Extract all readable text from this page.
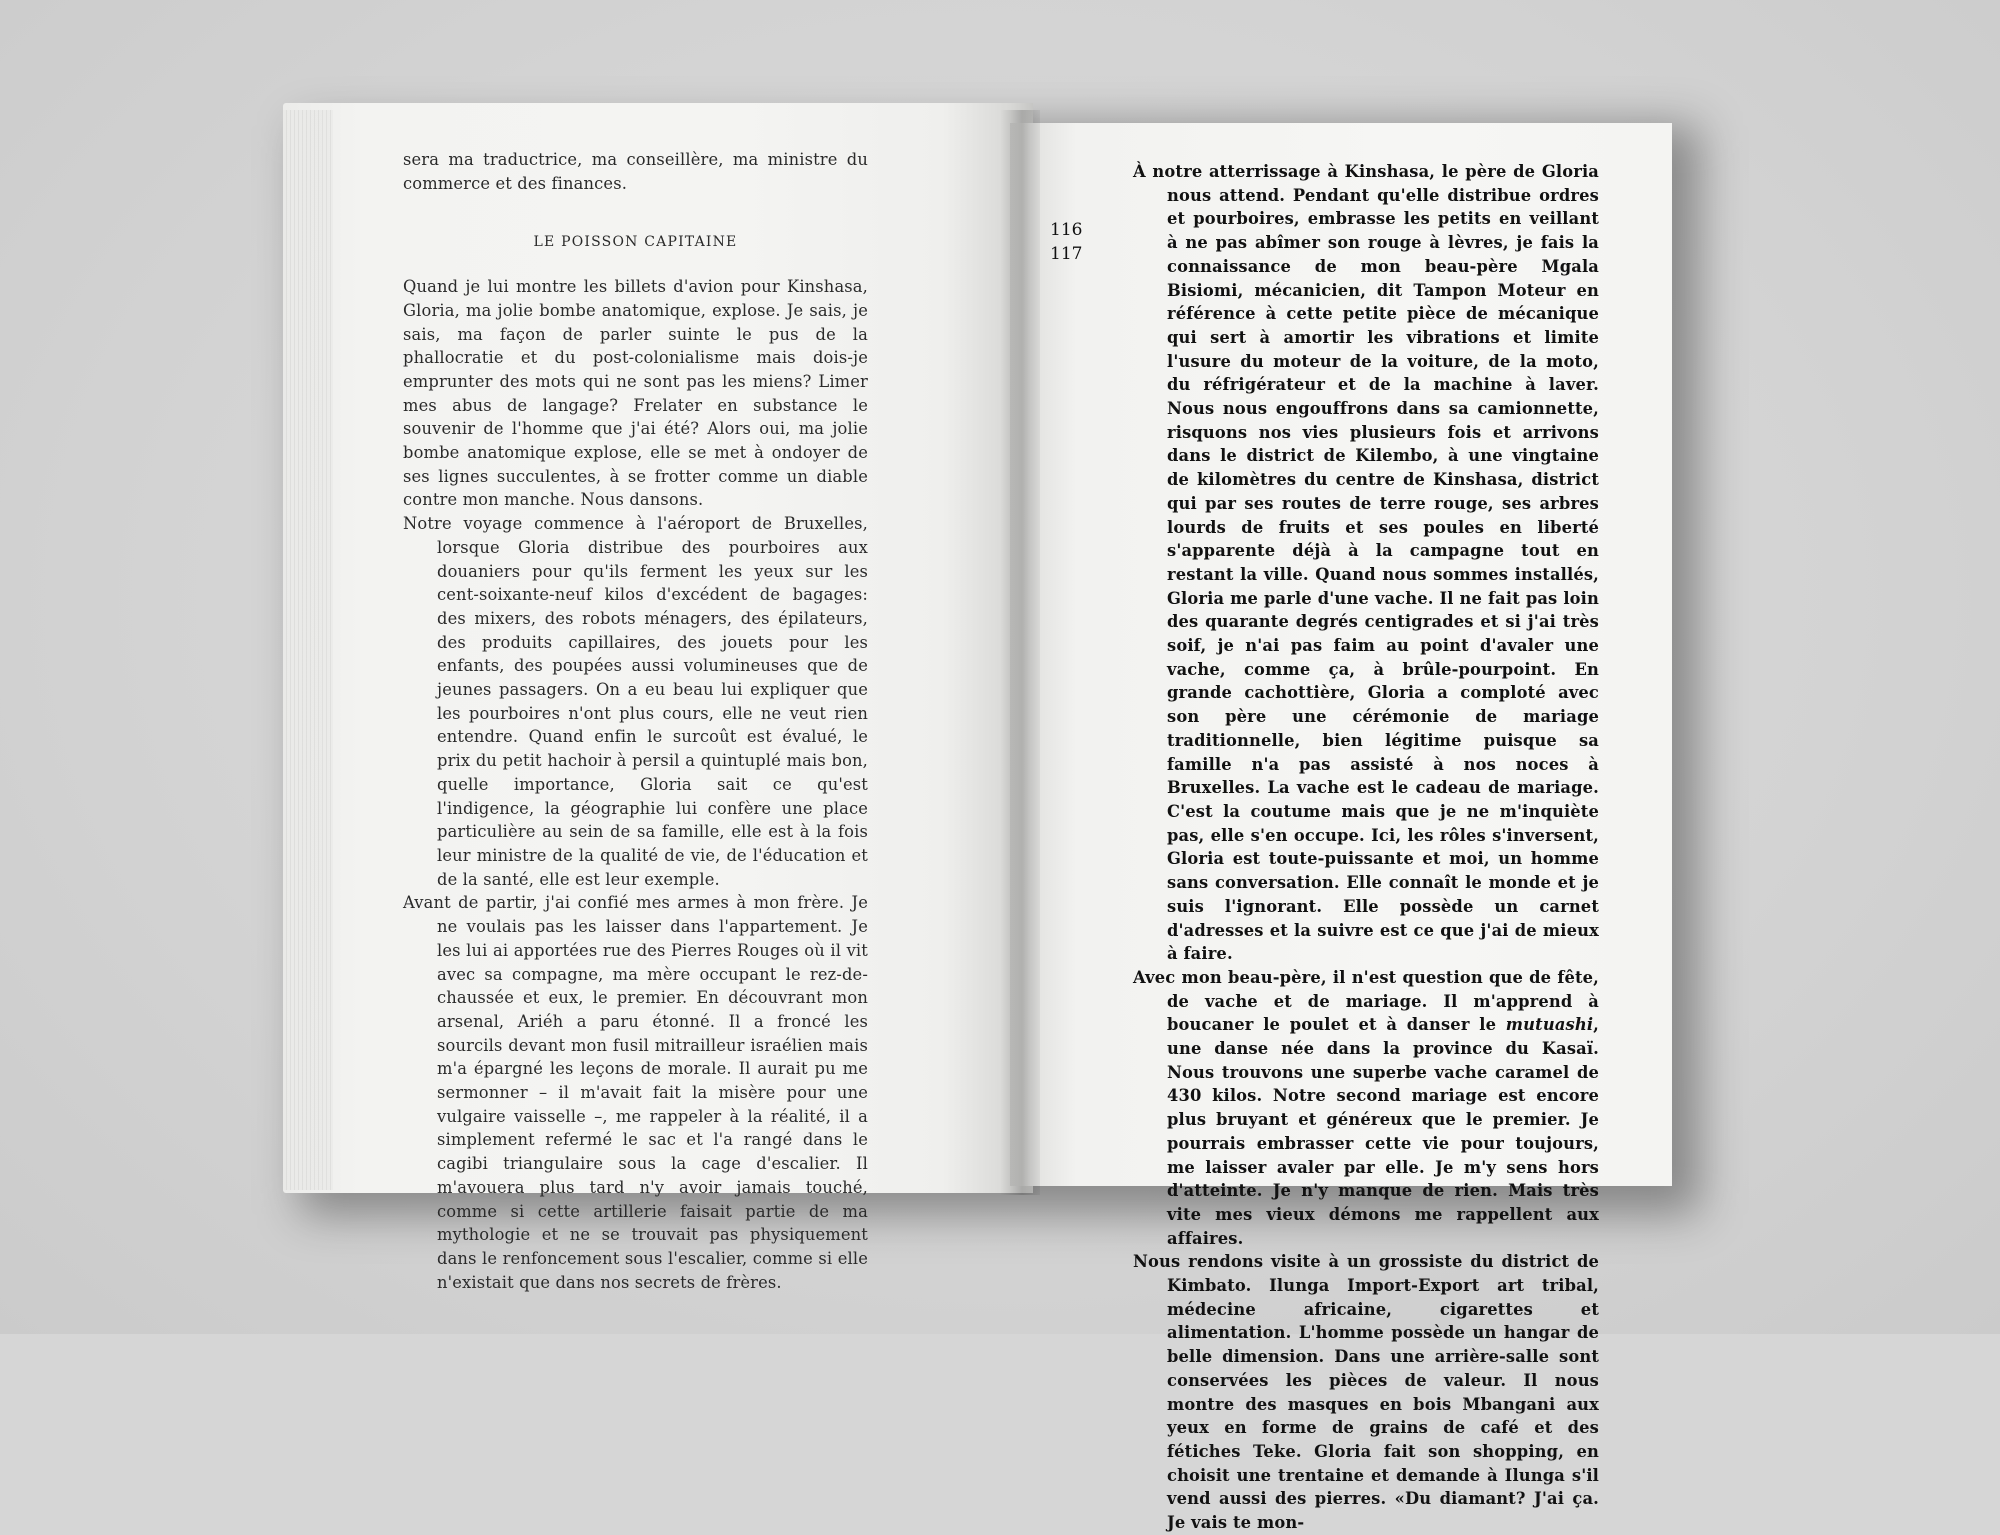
sera ma traductrice, ma conseillère, ma ministre du commerce et des finances.

LE POISSON CAPITAINE

Quand je lui montre les billets d'avion pour Kinshasa, Gloria, ma jolie bombe anatomique, explose. Je sais, je sais, ma façon de parler suinte le pus de la phallocratie et du post-colonialisme mais dois-je emprunter des mots qui ne sont pas les miens? Limer mes abus de langage? Frelater en substance le souvenir de l'homme que j'ai été? Alors oui, ma jolie bombe anatomique explose, elle se met à ondoyer de ses lignes succulentes, à se frotter comme un diable contre mon manche. Nous dansons.

Notre voyage commence à l'aéroport de Bruxelles, lorsque Gloria distribue des pourboires aux douaniers pour qu'ils ferment les yeux sur les cent-soixante-neuf kilos d'excédent de bagages: des mixers, des robots ménagers, des épilateurs, des produits capillaires, des jouets pour les enfants, des poupées aussi volumineuses que de jeunes passagers. On a eu beau lui expliquer que les pourboires n'ont plus cours, elle ne veut rien entendre. Quand enfin le surcoût est évalué, le prix du petit hachoir à persil a quintuplé mais bon, quelle importance, Gloria sait ce qu'est l'indigence, la géographie lui confère une place particulière au sein de sa famille, elle est à la fois leur ministre de la qualité de vie, de l'éducation et de la santé, elle est leur exemple.

Avant de partir, j'ai confié mes armes à mon frère. Je ne voulais pas les laisser dans l'appartement. Je les lui ai apportées rue des Pierres Rouges où il vit avec sa compagne, ma mère occupant le rez-de-chaussée et eux, le premier. En découvrant mon arsenal, Ariéh a paru étonné. Il a froncé les sourcils devant mon fusil mitrailleur israélien mais m'a épargné les leçons de morale. Il aurait pu me sermonner – il m'avait fait la misère pour une vulgaire vaisselle –, me rappeler à la réalité, il a simplement refermé le sac et l'a rangé dans le cagibi triangulaire sous la cage d'escalier. Il m'avouera plus tard n'y avoir jamais touché, comme si cette artillerie faisait partie de ma mythologie et ne se trouvait pas physiquement dans le renfoncement sous l'escalier, comme si elle n'existait que dans nos secrets de frères.

116
117

À notre atterrissage à Kinshasa, le père de Gloria nous attend. Pendant qu'elle distribue ordres et pourboires, embrasse les petits en veillant à ne pas abîmer son rouge à lèvres, je fais la connaissance de mon beau-père Mgala Bisiomi, mécanicien, dit Tampon Moteur en référence à cette petite pièce de mécanique qui sert à amortir les vibrations et limite l'usure du moteur de la voiture, de la moto, du réfrigérateur et de la machine à laver. Nous nous engouffrons dans sa camionnette, risquons nos vies plusieurs fois et arrivons dans le district de Kilembo, à une vingtaine de kilomètres du centre de Kinshasa, district qui par ses routes de terre rouge, ses arbres lourds de fruits et ses poules en liberté s'apparente déjà à la campagne tout en restant la ville. Quand nous sommes installés, Gloria me parle d'une vache. Il ne fait pas loin des quarante degrés centigrades et si j'ai très soif, je n'ai pas faim au point d'avaler une vache, comme ça, à brûle-pourpoint. En grande cachottière, Gloria a comploté avec son père une cérémonie de mariage traditionnelle, bien légitime puisque sa famille n'a pas assisté à nos noces à Bruxelles. La vache est le cadeau de mariage. C'est la coutume mais que je ne m'inquiète pas, elle s'en occupe. Ici, les rôles s'inversent, Gloria est toute-puissante et moi, un homme sans conversation. Elle connaît le monde et je suis l'ignorant. Elle possède un carnet d'adresses et la suivre est ce que j'ai de mieux à faire.

Avec mon beau-père, il n'est question que de fête, de vache et de mariage. Il m'apprend à boucaner le poulet et à danser le mutuashi, une danse née dans la province du Kasaï. Nous trouvons une superbe vache caramel de 430 kilos. Notre second mariage est encore plus bruyant et généreux que le premier. Je pourrais embrasser cette vie pour toujours, me laisser avaler par elle. Je m'y sens hors d'atteinte. Je n'y manque de rien. Mais très vite mes vieux démons me rappellent aux affaires.

Nous rendons visite à un grossiste du district de Kimbato. Ilunga Import-Export art tribal, médecine africaine, cigarettes et alimentation. L'homme possède un hangar de belle dimension. Dans une arrière-salle sont conservées les pièces de valeur. Il nous montre des masques en bois Mbangani aux yeux en forme de grains de café et des fétiches Teke. Gloria fait son shopping, en choisit une trentaine et demande à Ilunga s'il vend aussi des pierres. «Du diamant? J'ai ça. Je vais te mon-
